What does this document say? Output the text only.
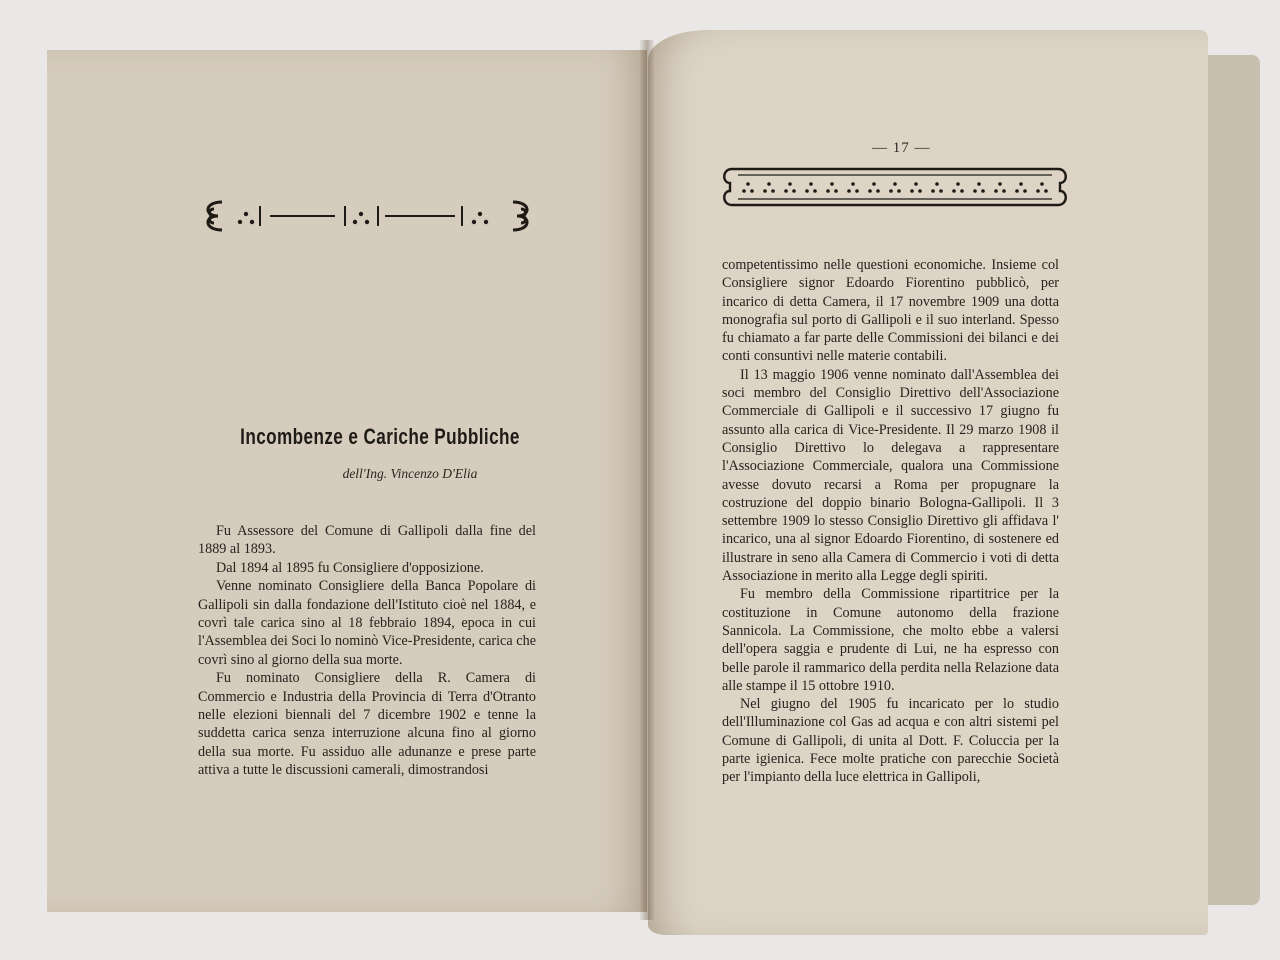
— 17 —
Incombenze e Cariche Pubbliche
dell'Ing. Vincenzo D'Elia

Fu Assessore del Comune di Gallipoli dalla fine del 1889 al 1893.

Dal 1894 al 1895 fu Consigliere d'opposizione.

Venne nominato Consigliere della Banca Popolare di Gallipoli sin dalla fondazione dell'Istituto cioè nel 1884, e covrì tale carica sino al 18 febbraio 1894, epoca in cui l'Assemblea dei Soci lo nominò Vice-Presidente, carica che covrì sino al giorno della sua morte.

Fu nominato Consigliere della R. Camera di Commercio e Industria della Provincia di Terra d'Otranto nelle elezioni biennali del 7 dicembre 1902 e tenne la suddetta carica senza interruzione alcuna fino al giorno della sua morte. Fu assiduo alle adunanze e prese parte attiva a tutte le discussioni camerali, dimostrandosi

competentissimo nelle questioni economiche. Insieme col Consigliere signor Edoardo Fiorentino pubblicò, per incarico di detta Camera, il 17 novembre 1909 una dotta monografia sul porto di Gallipoli e il suo interland. Spesso fu chiamato a far parte delle Commissioni dei bilanci e dei conti consuntivi nelle materie contabili.

Il 13 maggio 1906 venne nominato dall'Assemblea dei soci membro del Consiglio Direttivo dell'Associazione Commerciale di Gallipoli e il successivo 17 giugno fu assunto alla carica di Vice-Presidente. Il 29 marzo 1908 il Consiglio Direttivo lo delegava a rappresentare l'Associazione Commerciale, qualora una Commissione avesse dovuto recarsi a Roma per propugnare la costruzione del doppio binario Bologna-Gallipoli. Il 3 settembre 1909 lo stesso Consiglio Direttivo gli affidava l' incarico, una al signor Edoardo Fiorentino, di sostenere ed illustrare in seno alla Camera di Commercio i voti di detta Associazione in merito alla Legge degli spiriti.

Fu membro della Commissione ripartitrice per la costituzione in Comune autonomo della frazione Sannicola. La Commissione, che molto ebbe a valersi dell'opera saggia e prudente di Lui, ne ha espresso con belle parole il rammarico della perdita nella Relazione data alle stampe il 15 ottobre 1910.

Nel giugno del 1905 fu incaricato per lo studio dell'Illuminazione col Gas ad acqua e con altri sistemi pel Comune di Gallipoli, di unita al Dott. F. Coluccia per la parte igienica. Fece molte pratiche con parecchie Società per l'impianto della luce elettrica in Gallipoli,
